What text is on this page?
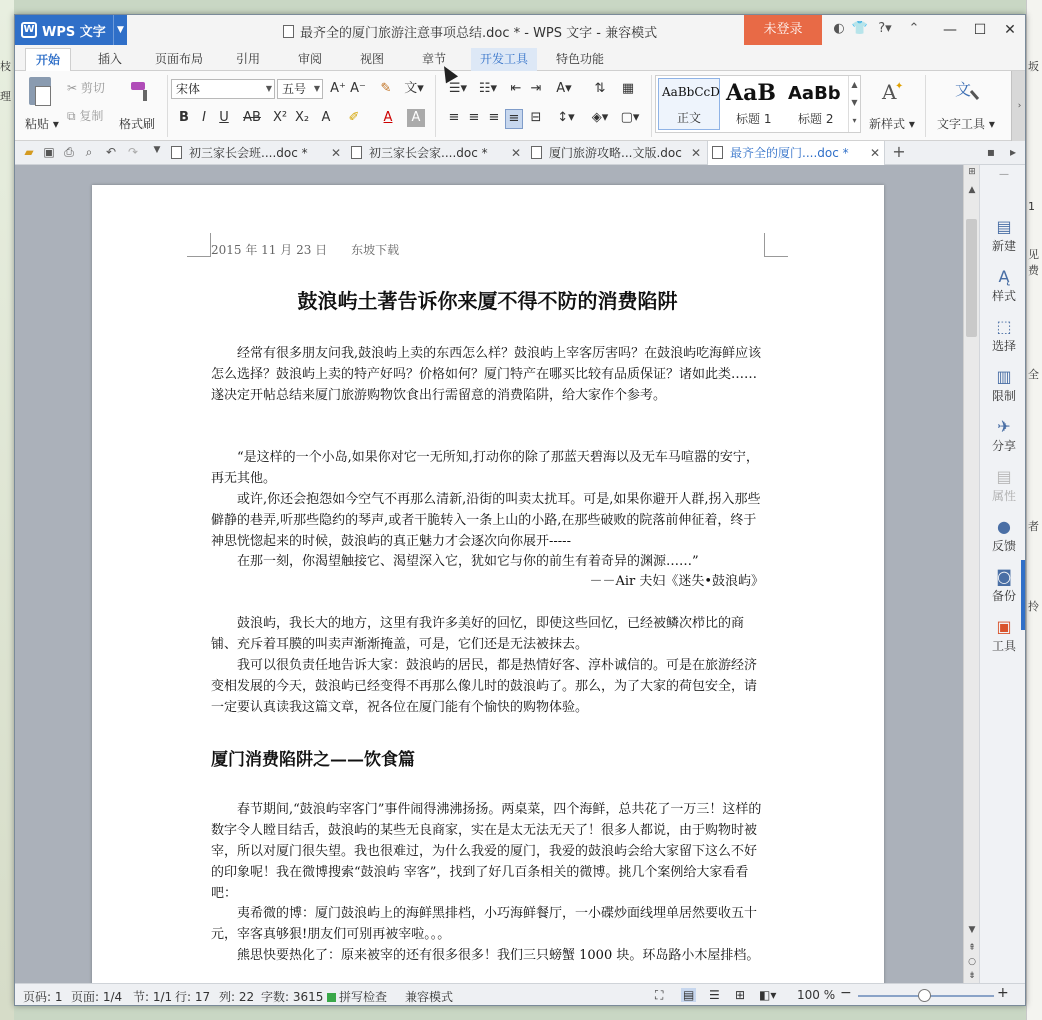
枝
理
坂
1
见费
全
者
拎
W WPS 文字	▼	最齐全的厦门旅游注意事项总结.doc * - WPS 文字 - 兼容模式	未登录	◐ 👕 ?▾	⌃	—	☐	✕
开始	插入	页面布局	引用	审阅	视图	章节	开发工具	特色功能
粘贴 ▾
✂ 剪切
⧉ 复制
格式刷
宋体	▼ 五号 ▼ A⁺ A⁻ ✎ 文▾
B	I	U	AB X² X₂ A	✐	A	A
☰▾ ☷▾	⇤ ⇥	A▾	⇅ ▦
≡ ≡ ≡ ≡ ⊟	↕▾	◈▾ ▢▾
AaBbCcD
正文
AaB
标题 1
AaBb
标题 2
▲
▼
▾
A
✦
新样式 ▾
文
文字工具 ▾
›
▰ ▣ ⎙ ⌕	↶ ↷	▼	初三家长会班....doc * ✕	初三家长会家....doc * ✕	厦门旅游攻略...文版.doc ✕	最齐全的厦门....doc * ✕ +	▪	▸
2015 年 11 月 23 日　　东坡下载
鼓浪屿土著告诉你来厦不得不防的消费陷阱

经常有很多朋友问我,鼓浪屿上卖的东西怎么样？鼓浪屿上宰客厉害吗？在鼓浪屿吃海鲜应该怎么选择？鼓浪屿上卖的特产好吗？价格如何？厦门特产在哪买比较有品质保证？诸如此类……遂决定开帖总结来厦门旅游购物饮食出行需留意的消费陷阱，给大家作个参考。

“是这样的一个小岛,如果你对它一无所知,打动你的除了那蓝天碧海以及无车马喧嚣的安宁，再无其他。

或许,你还会抱怨如今空气不再那么清新,沿街的叫卖太扰耳。可是,如果你避开人群,拐入那些僻静的巷弄,听那些隐约的琴声,或者干脆转入一条上山的小路,在那些破败的院落前伸征着，终于神思恍惚起来的时候，鼓浪屿的真正魅力才会逐次向你展开-----

在那一刻，你渴望触接它、渴望深入它，犹如它与你的前生有着奇异的渊源……”

－－Air 夫妇《迷失•鼓浪屿》

鼓浪屿，我长大的地方，这里有我许多美好的回忆，即使这些回忆，已经被鳞次栉比的商铺、充斥着耳膜的叫卖声渐渐掩盖，可是，它们还是无法被抹去。

我可以很负责任地告诉大家：鼓浪屿的居民，都是热情好客、淳朴诚信的。可是在旅游经济变相发展的今天，鼓浪屿已经变得不再那么像儿时的鼓浪屿了。那么，为了大家的荷包安全，请一定要认真读我这篇文章，祝各位在厦门能有个愉快的购物体验。

厦门消费陷阱之——饮食篇

春节期间,“鼓浪屿宰客门”事件闹得沸沸扬扬。两桌菜，四个海鲜，总共花了一万三！这样的数字令人瞠目结舌，鼓浪屿的某些无良商家，实在是太无法无天了！很多人都说，由于购物时被宰，所以对厦门很失望。我也很难过，为什么我爱的厦门，我爱的鼓浪屿会给大家留下这么不好的印象呢！我在微博搜索“鼓浪屿 宰客”，找到了好几百条相关的微博。挑几个案例给大家看看吧：

夷希微的博：厦门鼓浪屿上的海鲜黑排档，小巧海鲜餐厅，一小碟炒面线埋单居然要收五十元，宰客真够狠!朋友们可别再被宰啦。。。

熊思快要热化了：原来被宰的还有很多很多！我们三只螃蟹 1000 块。环岛路小木屋排档。

⊞
▲
▼
⇞
○
⇟
—
▤
新建
Ą
样式
⬚
选择
▥
限制
✈
分享
▤
属性
●
反馈
◙
备份
▣
工具
页码: 1 页面: 1/4 节: 1/1 行: 17 列: 22 字数: 3615	拼写检查 兼容模式	⛶ ▤ ☰ ⊞ ◧▾ 100 % −	+
